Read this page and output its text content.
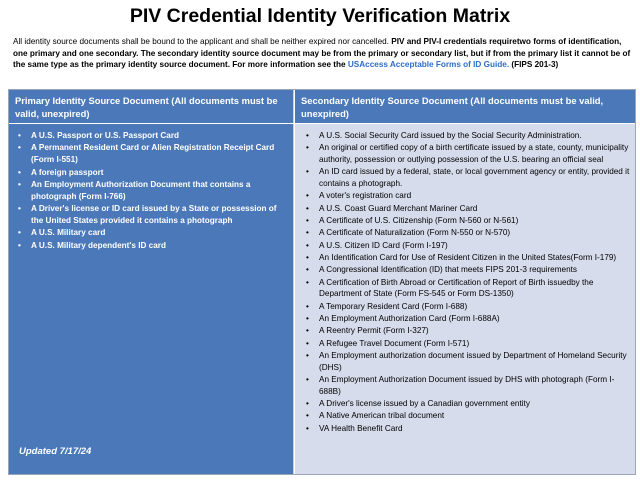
PIV Credential Identity Verification Matrix
All identity source documents shall be bound to the applicant and shall be neither expired nor cancelled. PIV and PIV-I credentials requiretwo forms of identification, one primary and one secondary. The secondary identity source document may be from the primary or secondary list, but if from the primary list it cannot be of the same type as the primary identity source document. For more information see the USAccess Acceptable Forms of ID Guide. (FIPS 201-3)
Primary Identity Source Document (All documents must be valid, unexpired)
Secondary Identity Source Document (All documents must be valid, unexpired)
• A U.S. Passport or U.S. Passport Card
• A Permanent Resident Card or Alien Registration Receipt Card (Form I-551)
• A foreign passport
• An Employment Authorization Document that contains a photograph (Form I-766)
• A Driver's license or ID card issued by a State or possession of the United States provided it contains a photograph
• A U.S. Military card
• A U.S. Military dependent's ID card
Updated 7/17/24
• A U.S. Social Security Card issued by the Social Security Administration.
• An original or certified copy of a birth certificate issued by a state, county, municipality authority, possession or outlying possession of the U.S. bearing an official seal
• An ID card issued by a federal, state, or local government agency or entity, provided it contains a photograph.
• A voter's registration card
• A U.S. Coast Guard Merchant Mariner Card
• A Certificate of U.S. Citizenship (Form N-560 or N-561)
• A Certificate of Naturalization (Form N-550 or N-570)
• A U.S. Citizen ID Card (Form I-197)
• An Identification Card for Use of Resident Citizen in the United States(Form I-179)
• A Congressional Identification (ID) that meets FIPS 201-3 requirements
• A Certification of Birth Abroad or Certification of Report of Birth issuedby the Department of State (Form FS-545 or Form DS-1350)
• A Temporary Resident Card (Form I-688)
• An Employment Authorization Card (Form I-688A)
• A Reentry Permit (Form I-327)
• A Refugee Travel Document (Form I-571)
• An Employment authorization document issued by Department of Homeland Security (DHS)
• An Employment Authorization Document issued by DHS with photograph (Form I-688B)
• A Driver's license issued by a Canadian government entity
• A Native American tribal document
• VA Health Benefit Card
